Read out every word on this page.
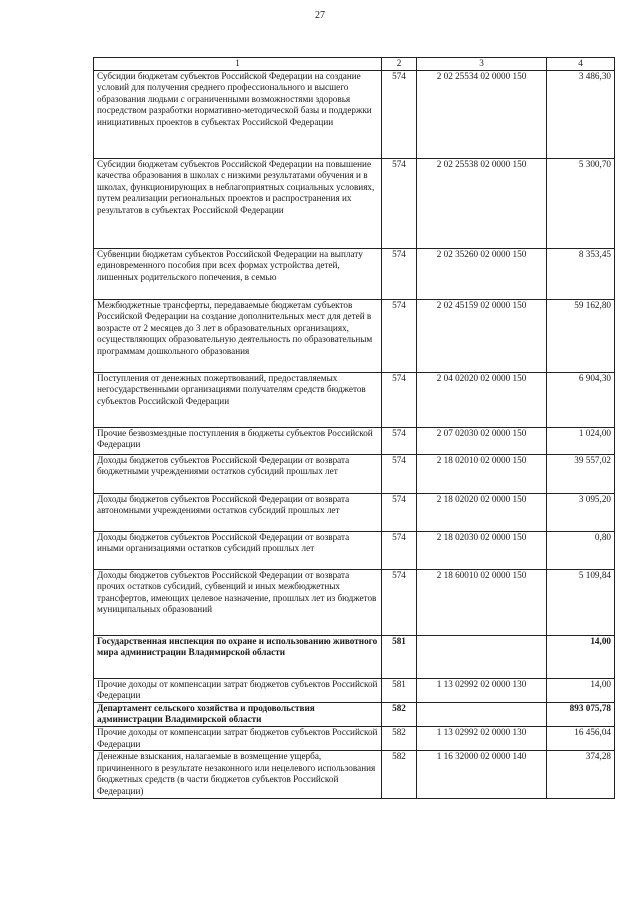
27
1	2	3	4
Субсидии бюджетам субъектов Российской Федерации на создание условий для получения среднего профессионального и высшего образования людьми с ограниченными возможностями здоровья посредством разработки нормативно-методической базы и поддержки инициативных проектов в субъектах Российской Федерации	574	2 02 25534 02 0000 150	3 486,30
Субсидии бюджетам субъектов Российской Федерации на повышение качества образования в школах с низкими результатами обучения и в школах, функционирующих в неблагоприятных социальных условиях, путем реализации региональных проектов и распространения их результатов в субъектах Российской Федерации	574	2 02 25538 02 0000 150	5 300,70
Субвенции бюджетам субъектов Российской Федерации на выплату единовременного пособия при всех формах устройства детей, лишенных родительского попечения, в семью	574	2 02 35260 02 0000 150	8 353,45
Межбюджетные трансферты, передаваемые бюджетам субъектов Российской Федерации на создание дополнительных мест для детей в возрасте от 2 месяцев до 3 лет в образовательных организациях, осуществляющих образовательную деятельность по образовательным программам дошкольного образования	574	2 02 45159 02 0000 150	59 162,80
Поступления от денежных пожертвований, предоставляемых негосударственными организациями получателям средств бюджетов субъектов Российской Федерации	574	2 04 02020 02 0000 150	6 904,30
Прочие безвозмездные поступления в бюджеты субъектов Российской Федерации	574	2 07 02030 02 0000 150	1 024,00
Доходы бюджетов субъектов Российской Федерации от возврата бюджетными учреждениями остатков субсидий прошлых лет	574	2 18 02010 02 0000 150	39 557,02
Доходы бюджетов субъектов Российской Федерации от возврата автономными учреждениями остатков субсидий прошлых лет	574	2 18 02020 02 0000 150	3 095,20
Доходы бюджетов субъектов Российской Федерации от возврата иными организациями остатков субсидий прошлых лет	574	2 18 02030 02 0000 150	0,80
Доходы бюджетов субъектов Российской Федерации от возврата прочих остатков субсидий, субвенций и иных межбюджетных трансфертов, имеющих целевое назначение, прошлых лет из бюджетов муниципальных образований	574	2 18 60010 02 0000 150	5 109,84
Государственная инспекция по охране и использованию животного мира администрации Владимирской области	581		14,00
Прочие доходы от компенсации затрат бюджетов субъектов Российской Федерации	581	1 13 02992 02 0000 130	14,00
Департамент сельского хозяйства и продовольствия администрации Владимирской области	582		893 075,78
Прочие доходы от компенсации затрат бюджетов субъектов Российской Федерации	582	1 13 02992 02 0000 130	16 456,04
Денежные взыскания, налагаемые в возмещение ущерба, причиненного в результате незаконного или нецелевого использования бюджетных средств (в части бюджетов субъектов Российской Федерации)	582	1 16 32000 02 0000 140	374,28
